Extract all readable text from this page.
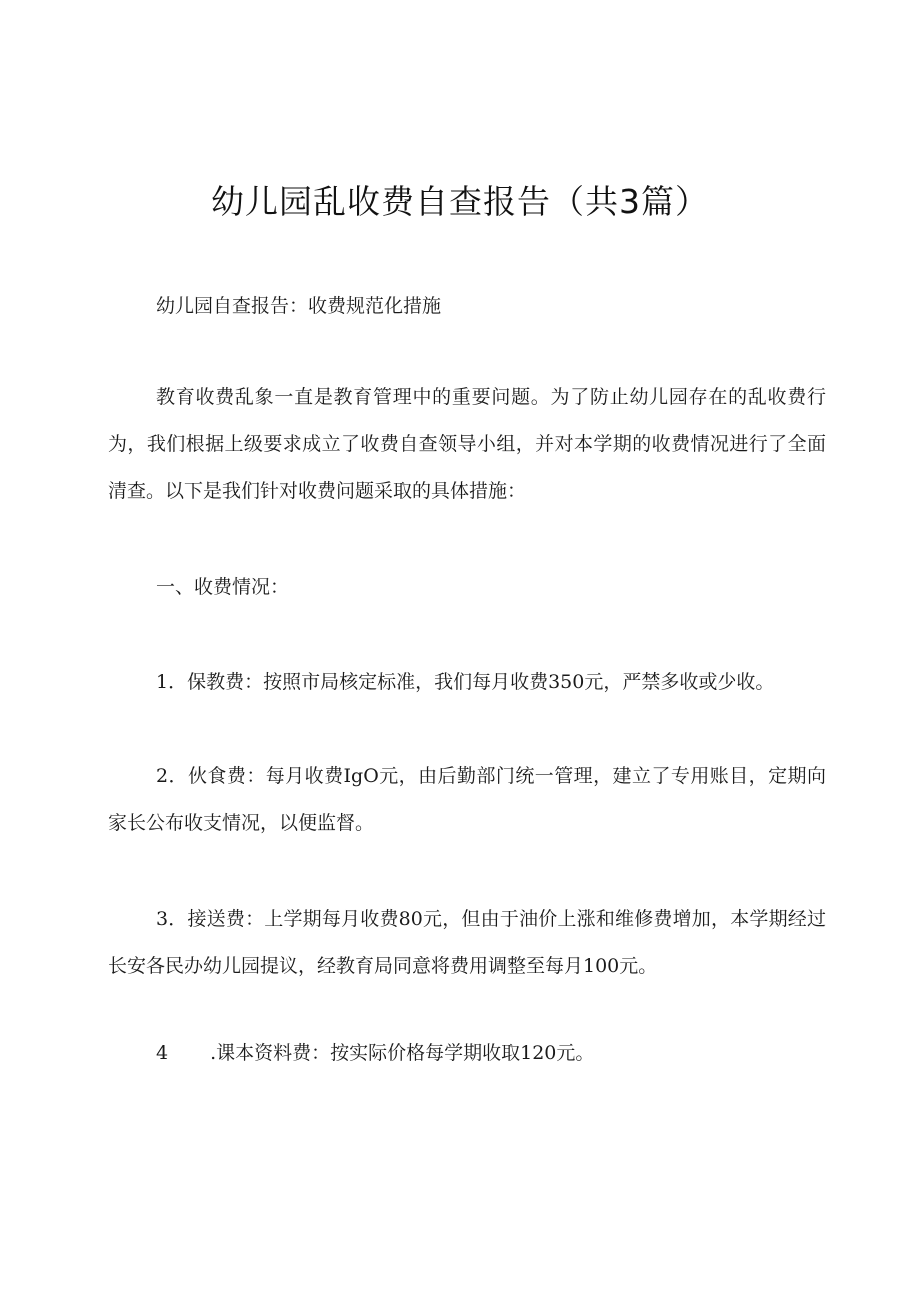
幼儿园乱收费自查报告（共3篇）

幼儿园自查报告：收费规范化措施

教育收费乱象一直是教育管理中的重要问题。为了防止幼儿园存在的乱收费行为，我们根据上级要求成立了收费自查领导小组，并对本学期的收费情况进行了全面清查。以下是我们针对收费问题采取的具体措施：

一、收费情况：

1．保教费：按照市局核定标准，我们每月收费350元，严禁多收或少收。

2．伙食费：每月收费IgO元，由后勤部门统一管理，建立了专用账目，定期向家长公布收支情况，以便监督。

3．接送费：上学期每月收费80元，但由于油价上涨和维修费增加，本学期经过长安各民办幼儿园提议，经教育局同意将费用调整至每月100元。

4 .课本资料费：按实际价格每学期收取120元。
